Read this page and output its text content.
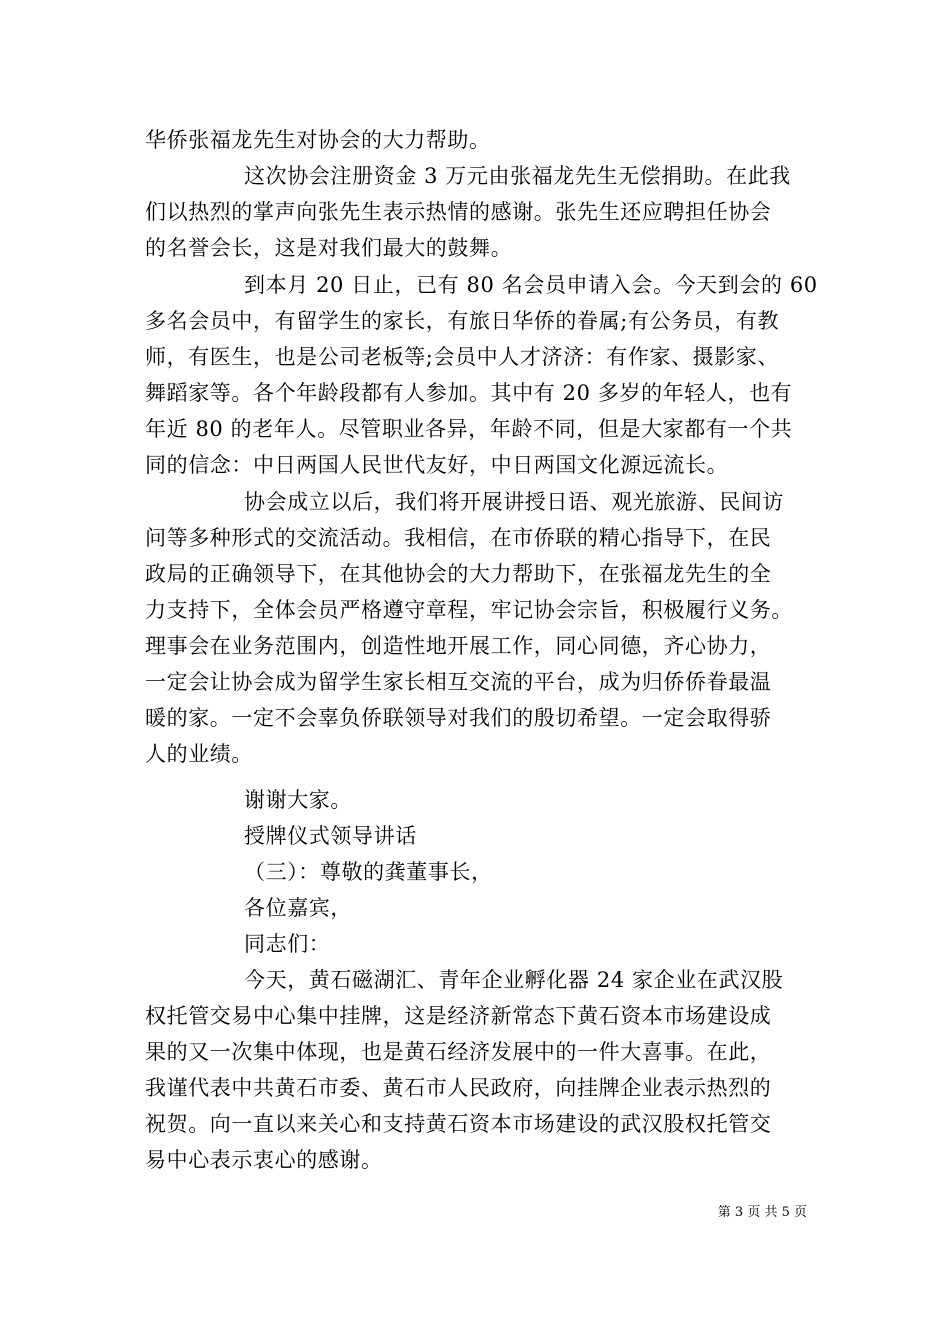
华侨张福龙先生对协会的大力帮助。
这次协会注册资金 3 万元由张福龙先生无偿捐助。在此我
们以热烈的掌声向张先生表示热情的感谢。张先生还应聘担任协会
的名誉会长，这是对我们最大的鼓舞。
到本月 20 日止，已有 80 名会员申请入会。今天到会的 60
多名会员中，有留学生的家长，有旅日华侨的眷属;有公务员，有教
师，有医生，也是公司老板等;会员中人才济济：有作家、摄影家、
舞蹈家等。各个年龄段都有人参加。其中有 20 多岁的年轻人，也有
年近 80 的老年人。尽管职业各异，年龄不同，但是大家都有一个共
同的信念：中日两国人民世代友好，中日两国文化源远流长。
协会成立以后，我们将开展讲授日语、观光旅游、民间访
问等多种形式的交流活动。我相信，在市侨联的精心指导下，在民
政局的正确领导下，在其他协会的大力帮助下，在张福龙先生的全
力支持下，全体会员严格遵守章程，牢记协会宗旨，积极履行义务。
理事会在业务范围内，创造性地开展工作，同心同德，齐心协力，
一定会让协会成为留学生家长相互交流的平台，成为归侨侨眷最温
暖的家。一定不会辜负侨联领导对我们的殷切希望。一定会取得骄
人的业绩。
谢谢大家。
授牌仪式领导讲话
（三）：尊敬的龚董事长，
各位嘉宾，
同志们：
今天，黄石磁湖汇、青年企业孵化器 24 家企业在武汉股
权托管交易中心集中挂牌，这是经济新常态下黄石资本市场建设成
果的又一次集中体现，也是黄石经济发展中的一件大喜事。在此，
我谨代表中共黄石市委、黄石市人民政府，向挂牌企业表示热烈的
祝贺。向一直以来关心和支持黄石资本市场建设的武汉股权托管交
易中心表示衷心的感谢。
第 3 页 共 5 页
